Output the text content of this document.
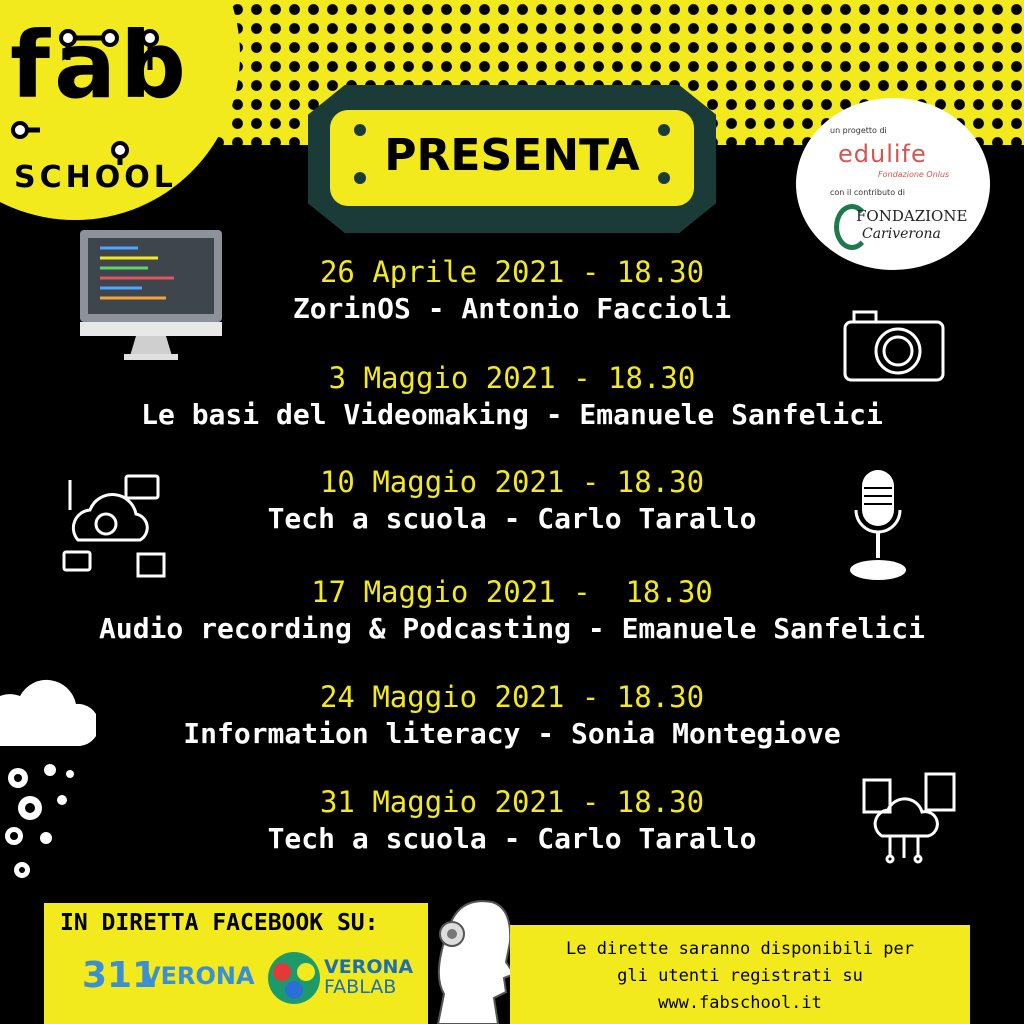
fab
SCHOOL	PRESENTA	un progetto di
edulife
Fondazione Onlus
con il contributo di
FONDAZIONE
Cariverona
26 Aprile 2021 - 18.30
ZorinOS - Antonio Faccioli
3 Maggio 2021 - 18.30
Le basi del Videomaking - Emanuele Sanfelici
10 Maggio 2021 - 18.30
Tech a scuola - Carlo Tarallo
17 Maggio 2021 -  18.30
Audio recording & Podcasting - Emanuele Sanfelici
24 Maggio 2021 - 18.30
Information literacy - Sonia Montegiove
31 Maggio 2021 - 18.30
Tech a scuola - Carlo Tarallo
IN DIRETTA FACEBOOK SU:
311
VERONA	VERONA
FABLAB
Le dirette saranno disponibili per
gli utenti registrati su
www.fabschool.it
